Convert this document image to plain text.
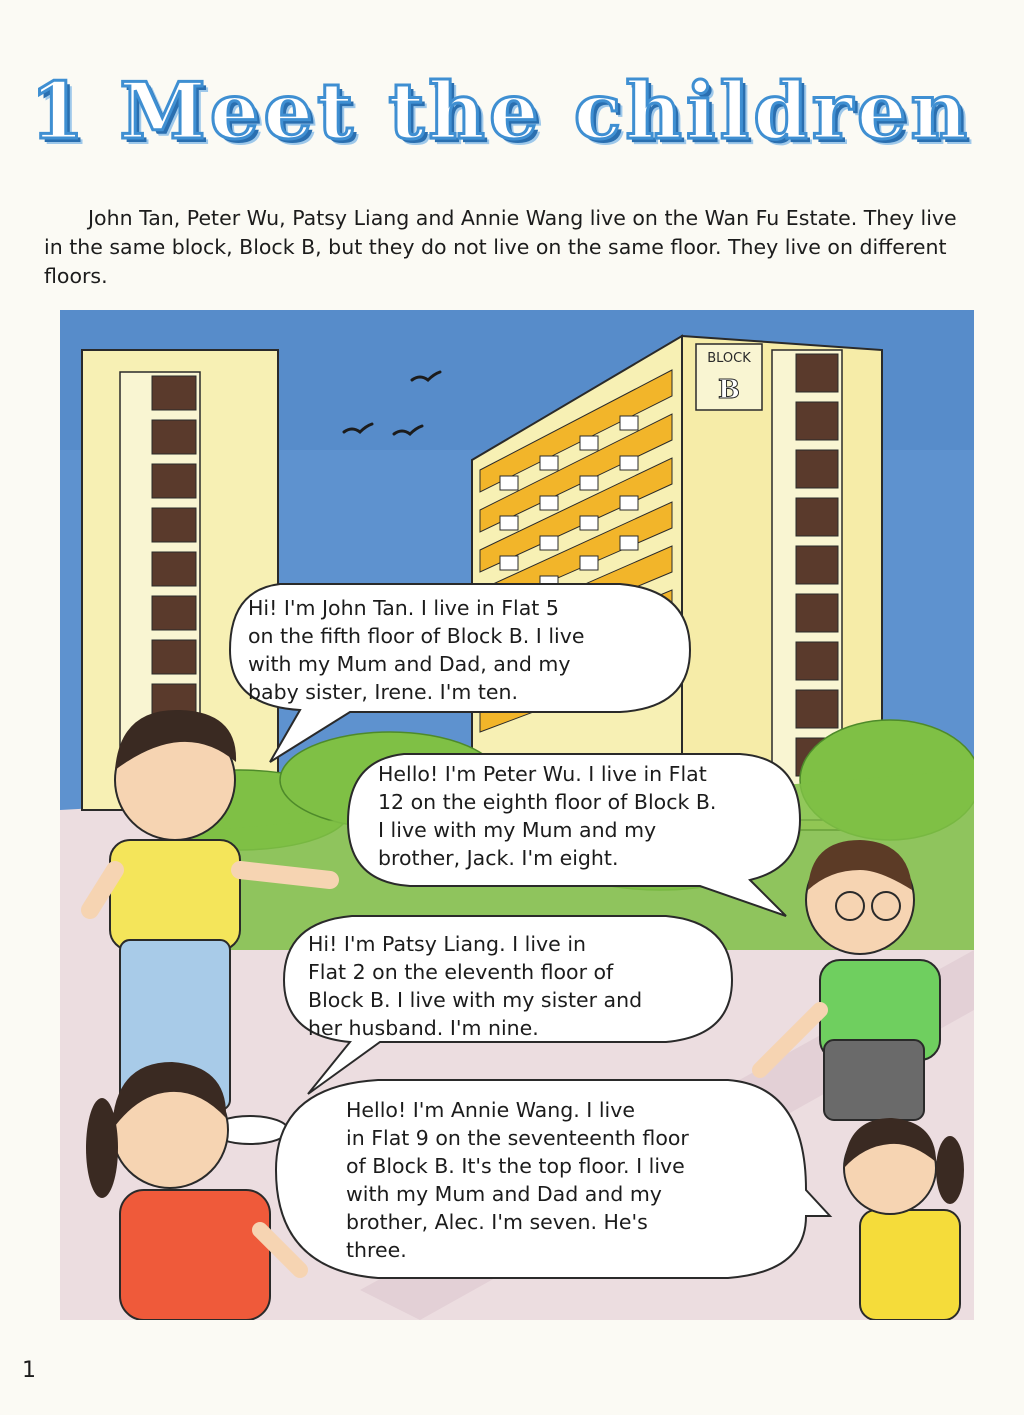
1 Meet the children

John Tan, Peter Wu, Patsy Liang and Annie Wang live on the Wan Fu Estate. They live in the same block, Block B, but they do not live on the same floor. They live on different floors.

BLOCK
B

Hi! I'm John Tan. I live in Flat 5
on the fifth floor of Block B. I live
with my Mum and Dad, and my
baby sister, Irene. I'm ten.

Hello! I'm Peter Wu. I live in Flat
12 on the eighth floor of Block B.
I live with my Mum and my
brother, Jack. I'm eight.

Hi! I'm Patsy Liang. I live in
Flat 2 on the eleventh floor of
Block B. I live with my sister and
her husband. I'm nine.

Hello! I'm Annie Wang. I live
in Flat 9 on the seventeenth floor
of Block B. It's the top floor. I live
with my Mum and Dad and my
brother, Alec. I'm seven. He's
three.

1
